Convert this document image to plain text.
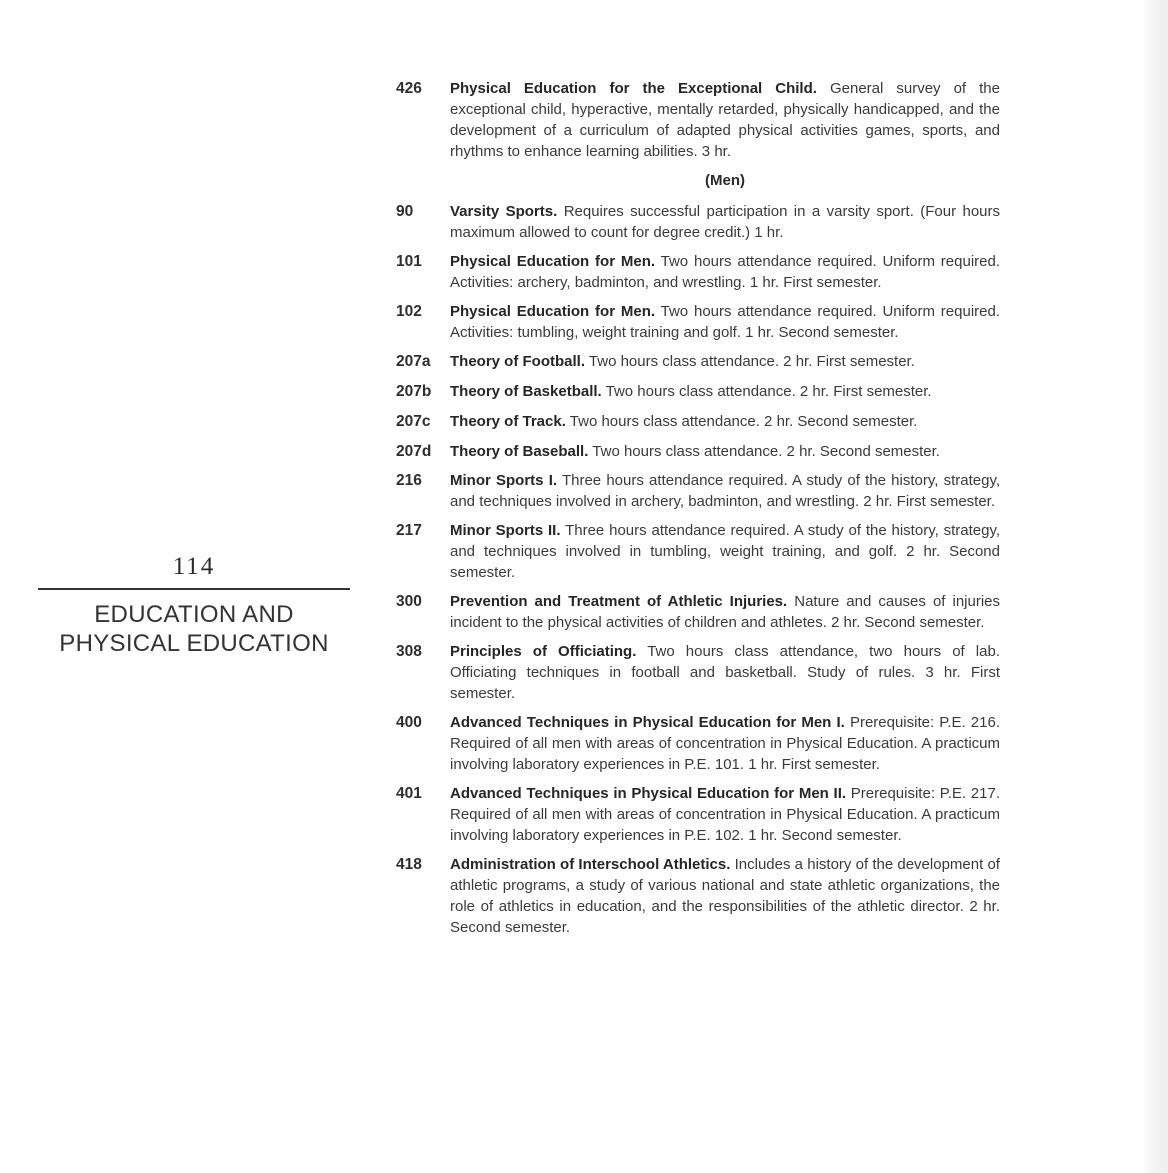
114
EDUCATION AND
PHYSICAL EDUCATION
426	Physical Education for the Exceptional Child. General survey of the exceptional child, hyperactive, mentally retarded, physically handicapped, and the development of a curriculum of adapted physical activities games, sports, and rhythms to enhance learning abilities. 3 hr.
(Men)
90	Varsity Sports. Requires successful participation in a varsity sport. (Four hours maximum allowed to count for degree credit.) 1 hr.
101	Physical Education for Men. Two hours attendance required. Uniform required. Activities: archery, badminton, and wrestling. 1 hr. First semester.
102	Physical Education for Men. Two hours attendance required. Uniform required. Activities: tumbling, weight training and golf. 1 hr. Second semester.
207a	Theory of Football. Two hours class attendance. 2 hr. First semester.
207b	Theory of Basketball. Two hours class attendance. 2 hr. First semester.
207c	Theory of Track. Two hours class attendance. 2 hr. Second semester.
207d	Theory of Baseball. Two hours class attendance. 2 hr. Second semester.
216	Minor Sports I. Three hours attendance required. A study of the history, strategy, and techniques involved in archery, badminton, and wrestling. 2 hr. First semester.
217	Minor Sports II. Three hours attendance required. A study of the history, strategy, and techniques involved in tumbling, weight training, and golf. 2 hr. Second semester.
300	Prevention and Treatment of Athletic Injuries. Nature and causes of injuries incident to the physical activities of children and athletes. 2 hr. Second semester.
308	Principles of Officiating. Two hours class attendance, two hours of lab. Officiating techniques in football and basketball. Study of rules. 3 hr. First semester.
400	Advanced Techniques in Physical Education for Men I. Prerequisite: P.E. 216. Required of all men with areas of concentration in Physical Education. A practicum involving laboratory experiences in P.E. 101. 1 hr. First semester.
401	Advanced Techniques in Physical Education for Men II. Prerequisite: P.E. 217. Required of all men with areas of concentration in Physical Education. A practicum involving laboratory experiences in P.E. 102. 1 hr. Second semester.
418	Administration of Interschool Athletics. Includes a history of the development of athletic programs, a study of various national and state athletic organizations, the role of athletics in education, and the responsibilities of the athletic director. 2 hr. Second semester.
